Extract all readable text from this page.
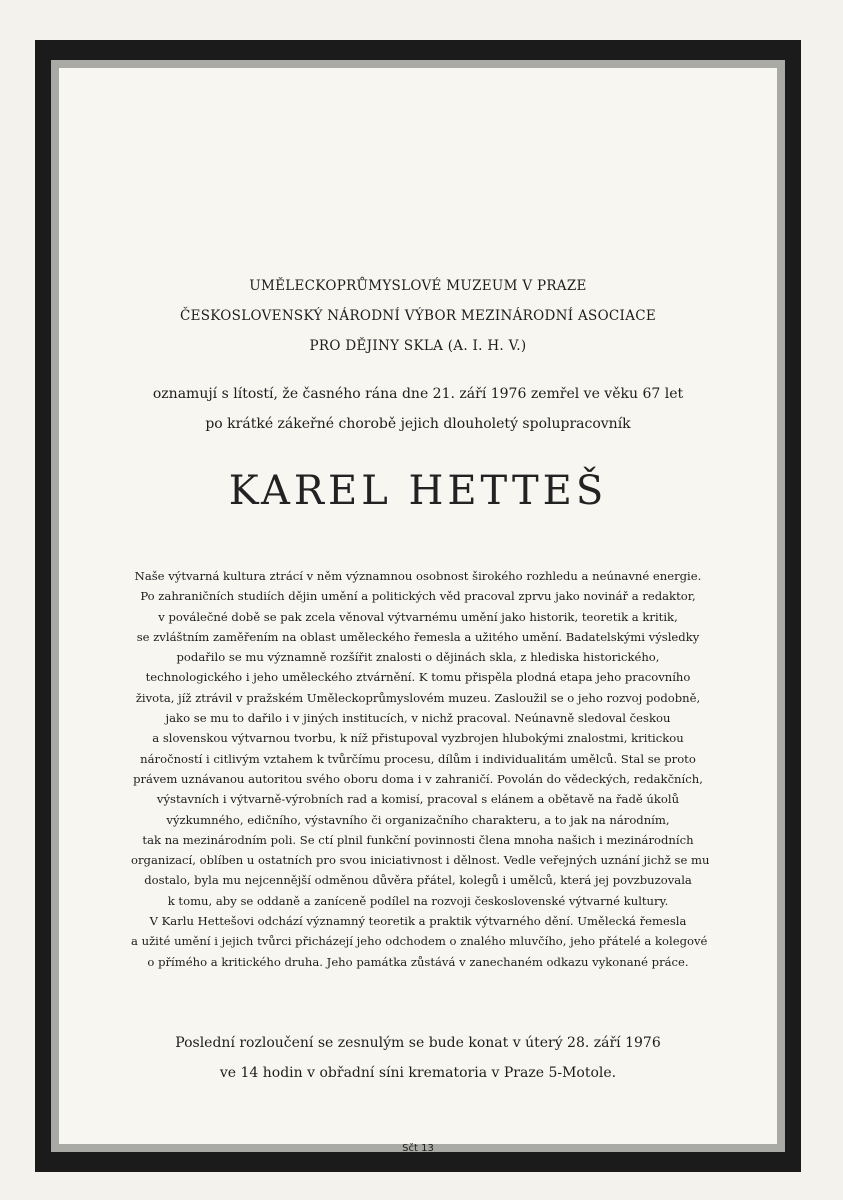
UMĚLECKOPRŮMYSLOVÉ MUZEUM V PRAZE
ČESKOSLOVENSKÝ NÁRODNÍ VÝBOR MEZINÁRODNÍ ASOCIACE
PRO DĚJINY SKLA (A. I. H. V.)
oznamují s lítostí, že časného rána dne 21. září 1976 zemřel ve věku 67 let
po krátké zákeřné chorobě jejich dlouholetý spolupracovník
KAREL HETTEŠ
Naše výtvarná kultura ztrácí v něm významnou osobnost širokého rozhledu a neúnavné energie.
Po zahraničních studiích dějin umění a politických věd pracoval zprvu jako novinář a redaktor,
v poválečné době se pak zcela věnoval výtvarnému umění jako historik, teoretik a kritik,
se zvláštním zaměřením na oblast uměleckého řemesla a užitého umění. Badatelskými výsledky
podařilo se mu významně rozšířit znalosti o dějinách skla, z hlediska historického,
technologického i jeho uměleckého ztvárnění. K tomu přispěla plodná etapa jeho pracovního
života, jíž ztrávil v pražském Uměleckoprůmyslovém muzeu. Zasloužil se o jeho rozvoj podobně,
jako se mu to dařilo i v jiných institucích, v nichž pracoval. Neúnavně sledoval českou
a slovenskou výtvarnou tvorbu, k níž přistupoval vyzbrojen hlubokými znalostmi, kritickou
náročností i citlivým vztahem k tvůrčímu procesu, dílům i individualitám umělců. Stal se proto
právem uznávanou autoritou svého oboru doma i v zahraničí. Povolán do vědeckých, redakčních,
výstavních i výtvarně-výrobních rad a komisí, pracoval s elánem a obětavě na řadě úkolů
výzkumného, edičního, výstavního či organizačního charakteru, a to jak na národním,
tak na mezinárodním poli. Se ctí plnil funkční povinnosti člena mnoha našich i mezinárodních
organizací, oblíben u ostatních pro svou iniciativnost i dělnost. Vedle veřejných uznání jichž se mu
dostalo, byla mu nejcennější odměnou důvěra přátel, kolegů i umělců, která jej povzbuzovala
k tomu, aby se oddaně a zaníceně podílel na rozvoji československé výtvarné kultury.
V Karlu Hettešovi odchází významný teoretik a praktik výtvarného dění. Umělecká řemesla
a užité umění i jejich tvůrci přicházejí jeho odchodem o znalého mluvčího, jeho přátelé a kolegové
o přímého a kritického druha. Jeho památka zůstává v zanechaném odkazu vykonané práce.
Poslední rozloučení se zesnulým se bude konat v úterý 28. září 1976
ve 14 hodin v obřadní síni krematoria v Praze 5-Motole.
Sčt 13
